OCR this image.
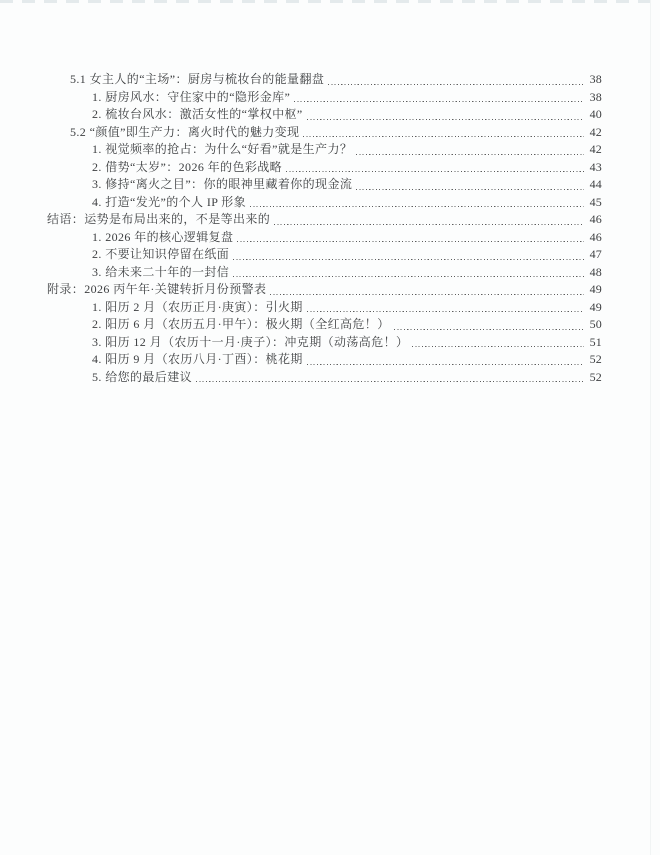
5.1 女主人的“主场”：厨房与梳妆台的能量翻盘	38
1. 厨房风水：守住家中的“隐形金库”	38
2. 梳妆台风水：激活女性的“掌权中枢”	40
5.2 “颜值”即生产力：离火时代的魅力变现	42
1. 视觉频率的抢占：为什么“好看”就是生产力？	42
2. 借势“太岁”：2026 年的色彩战略	43
3. 修持“离火之目”：你的眼神里藏着你的现金流	44
4. 打造“发光”的个人 IP 形象	45
结语：运势是布局出来的，不是等出来的	46
1. 2026 年的核心逻辑复盘	46
2. 不要让知识停留在纸面	47
3. 给未来二十年的一封信	48
附录：2026 丙午年·关键转折月份预警表	49
1. 阳历 2 月（农历正月·庚寅）：引火期	49
2. 阳历 6 月（农历五月·甲午）：极火期（全红高危！）	50
3. 阳历 12 月（农历十一月·庚子）：冲克期（动荡高危！）	51
4. 阳历 9 月（农历八月·丁酉）：桃花期	52
5. 给您的最后建议	52
